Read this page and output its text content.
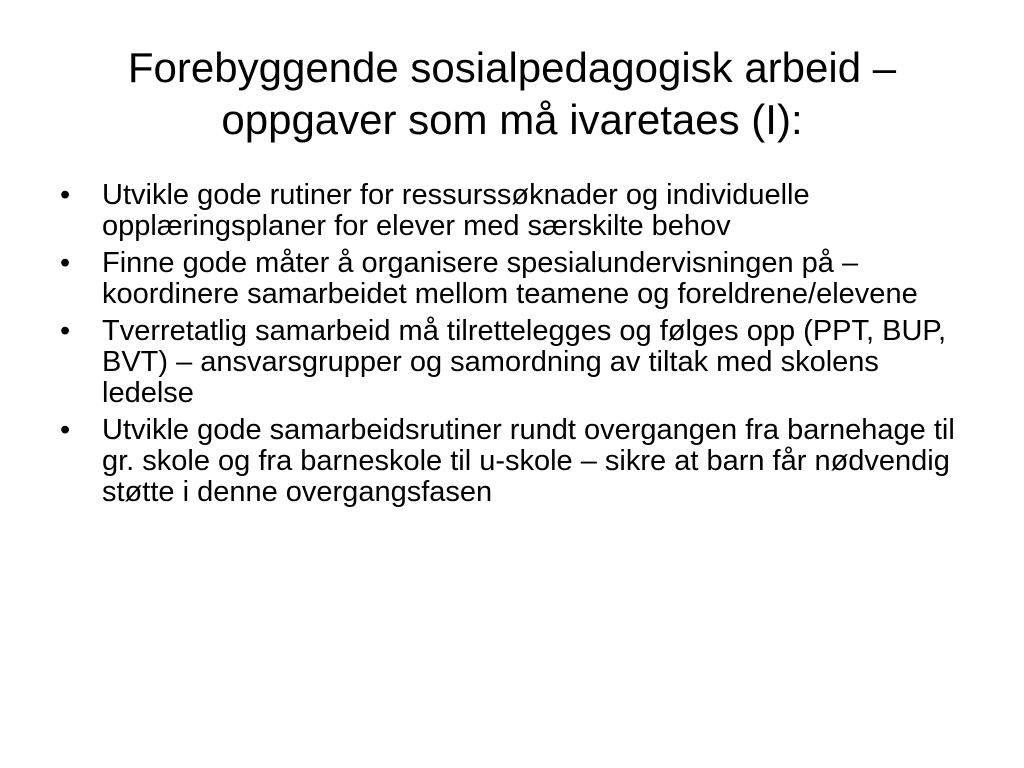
Forebyggende sosialpedagogisk arbeid –
oppgaver som må ivaretaes (I):
• Utvikle gode rutiner for ressurssøknader og individuelle opplæringsplaner for elever med særskilte behov
• Finne gode måter å organisere spesialundervisningen på – koordinere samarbeidet mellom teamene og foreldrene/elevene
• Tverretatlig samarbeid må tilrettelegges og følges opp (PPT, BUP, BVT) – ansvarsgrupper og samordning av tiltak med skolens ledelse
• Utvikle gode samarbeidsrutiner rundt overgangen fra barnehage til gr. skole og fra barneskole til u-skole – sikre at barn får nødvendig støtte i denne overgangsfasen
